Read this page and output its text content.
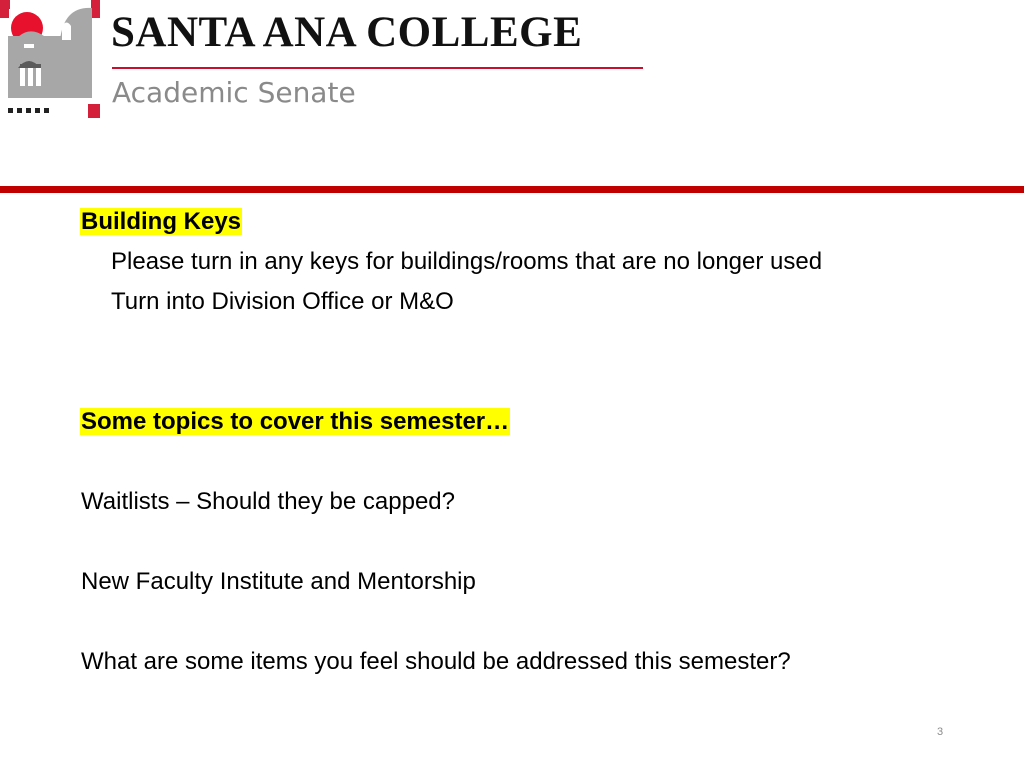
SANTA ANA COLLEGE
Academic Senate
Building Keys
Please turn in any keys for buildings/rooms that are no longer used
Turn into Division Office or M&O
Some topics to cover this semester…
Waitlists – Should they be capped?
New Faculty Institute and Mentorship
What are some items you feel should be addressed this semester?
3
